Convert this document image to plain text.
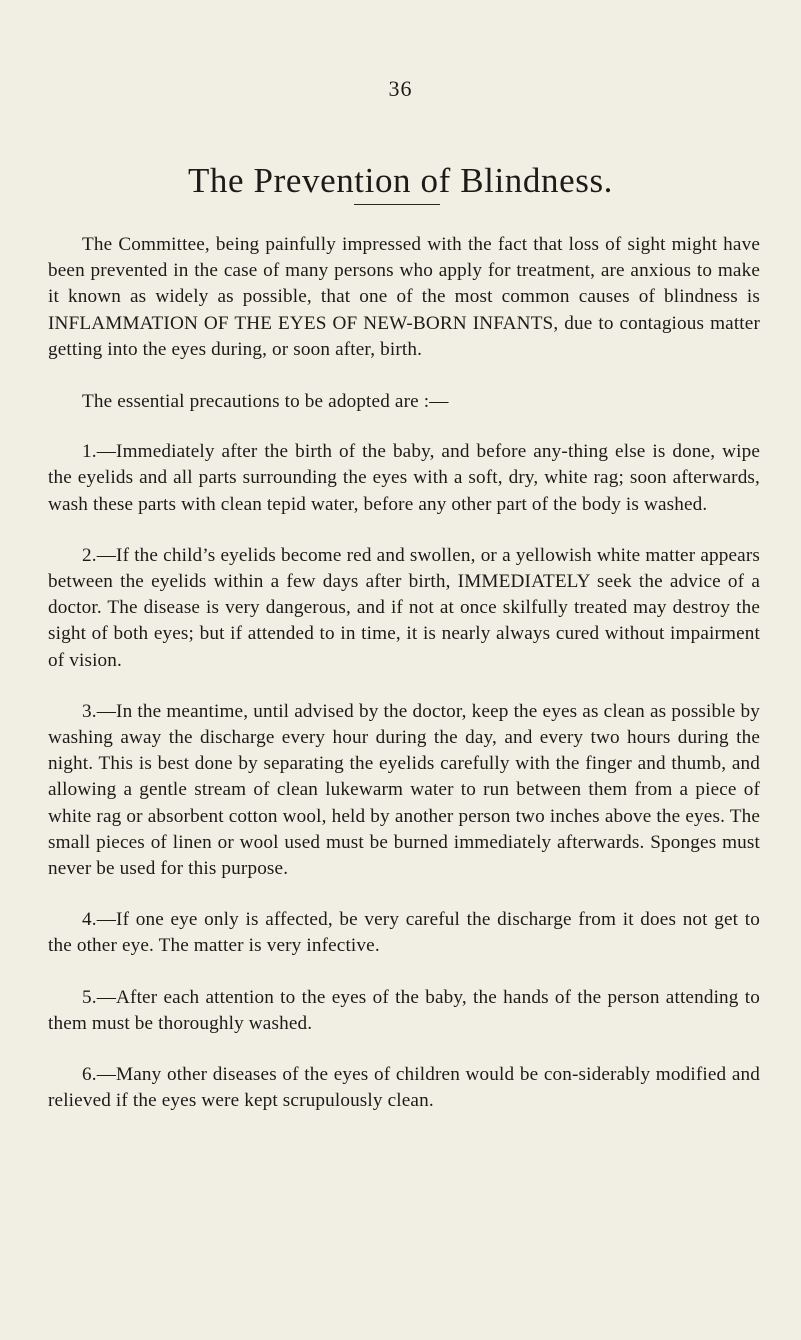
36
The Prevention of Blindness.

The Committee, being painfully impressed with the fact that loss of sight might have been prevented in the case of many persons who apply for treatment, are anxious to make it known as widely as possible, that one of the most common causes of blindness is INFLAMMATION OF THE EYES OF NEW-BORN INFANTS, due to contagious matter getting into the eyes during, or soon after, birth.

The essential precautions to be adopted are :—

1.—Immediately after the birth of the baby, and before any-thing else is done, wipe the eyelids and all parts surrounding the eyes with a soft, dry, white rag; soon afterwards, wash these parts with clean tepid water, before any other part of the body is washed.

2.—If the child’s eyelids become red and swollen, or a yellowish white matter appears between the eyelids within a few days after birth, IMMEDIATELY seek the advice of a doctor. The disease is very dangerous, and if not at once skilfully treated may destroy the sight of both eyes; but if attended to in time, it is nearly always cured without impairment of vision.

3.—In the meantime, until advised by the doctor, keep the eyes as clean as possible by washing away the discharge every hour during the day, and every two hours during the night. This is best done by separating the eyelids carefully with the finger and thumb, and allowing a gentle stream of clean lukewarm water to run between them from a piece of white rag or absorbent cotton wool, held by another person two inches above the eyes. The small pieces of linen or wool used must be burned immediately afterwards. Sponges must never be used for this purpose.

4.—If one eye only is affected, be very careful the discharge from it does not get to the other eye. The matter is very infective.

5.—After each attention to the eyes of the baby, the hands of the person attending to them must be thoroughly washed.

6.—Many other diseases of the eyes of children would be con-siderably modified and relieved if the eyes were kept scrupulously clean.
